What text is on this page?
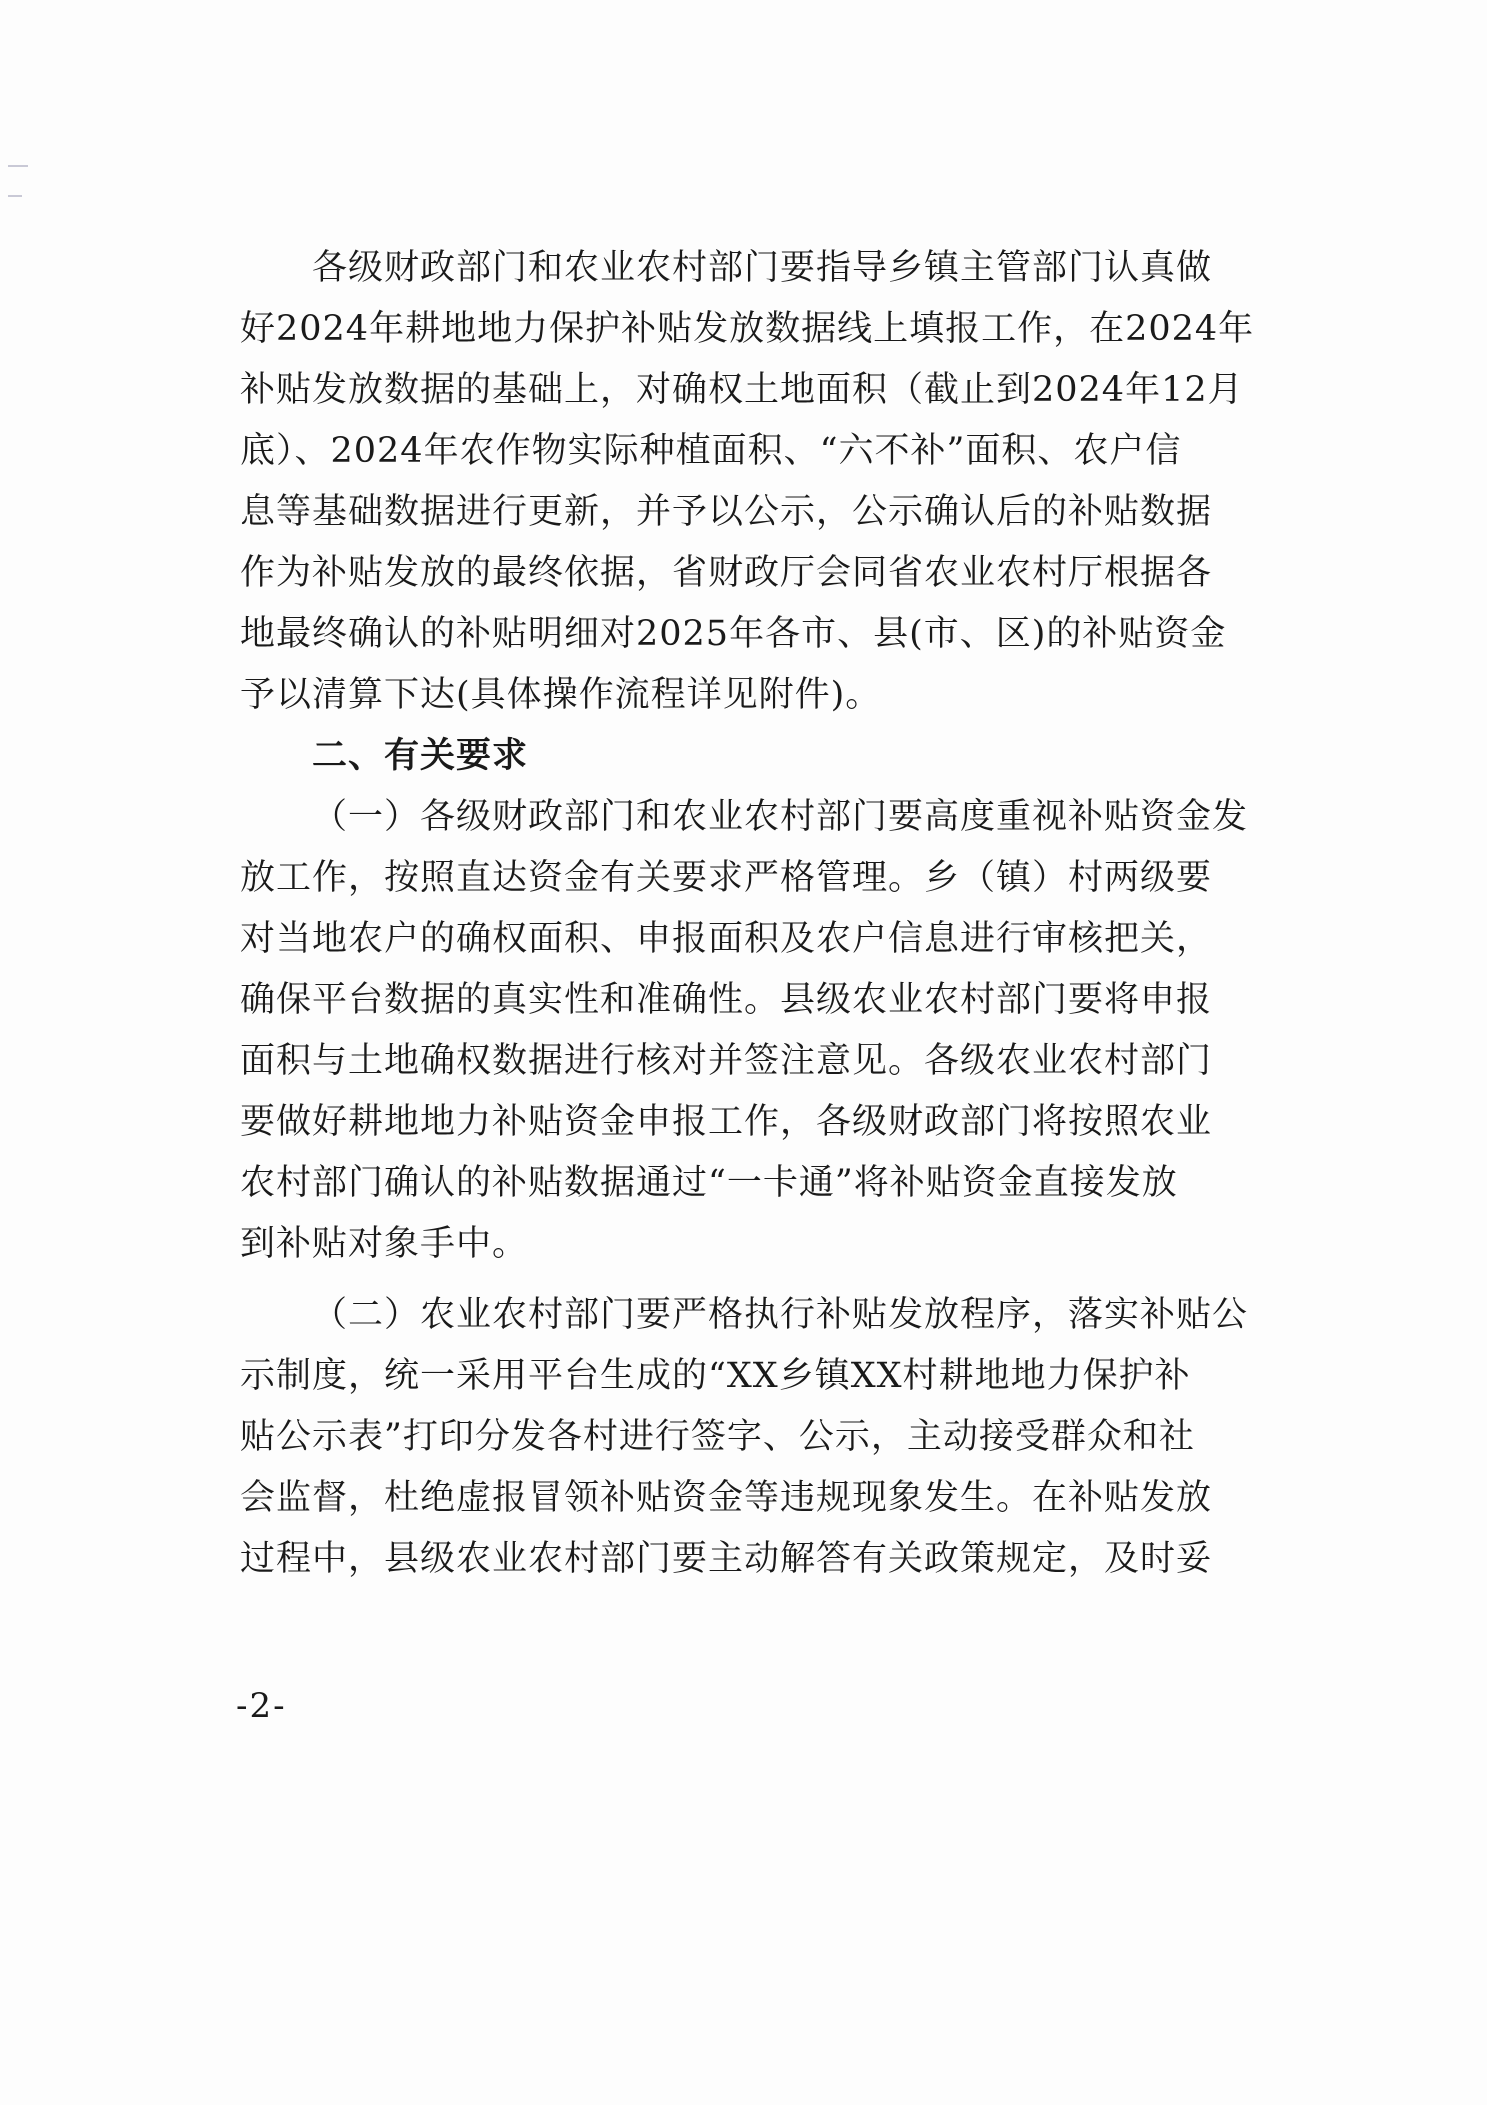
各级财政部门和农业农村部门要指导乡镇主管部门认真做
好2024年耕地地力保护补贴发放数据线上填报工作，在2024年
补贴发放数据的基础上，对确权土地面积（截止到2024年12月
底）、2024年农作物实际种植面积、“六不补”面积、农户信
息等基础数据进行更新，并予以公示，公示确认后的补贴数据
作为补贴发放的最终依据，省财政厅会同省农业农村厅根据各
地最终确认的补贴明细对2025年各市、县(市、区)的补贴资金
予以清算下达(具体操作流程详见附件)。
二、有关要求
（一）各级财政部门和农业农村部门要高度重视补贴资金发
放工作，按照直达资金有关要求严格管理。乡（镇）村两级要
对当地农户的确权面积、申报面积及农户信息进行审核把关，
确保平台数据的真实性和准确性。县级农业农村部门要将申报
面积与土地确权数据进行核对并签注意见。各级农业农村部门
要做好耕地地力补贴资金申报工作，各级财政部门将按照农业
农村部门确认的补贴数据通过“一卡通”将补贴资金直接发放
到补贴对象手中。
（二）农业农村部门要严格执行补贴发放程序，落实补贴公
示制度，统一采用平台生成的“XX乡镇XX村耕地地力保护补
贴公示表”打印分发各村进行签字、公示，主动接受群众和社
会监督，杜绝虚报冒领补贴资金等违规现象发生。在补贴发放
过程中，县级农业农村部门要主动解答有关政策规定，及时妥
-2-
